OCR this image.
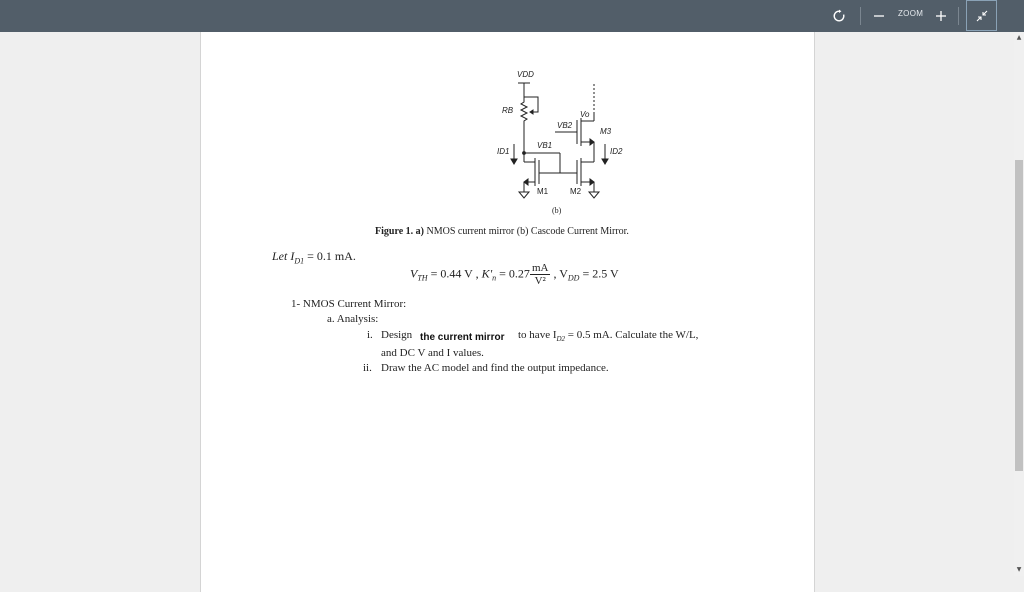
ZOOM
▲
▼
VDD
RB
ID1
VB1
M1	M2
VB2
Vo
M3
ID2
(b)
Figure 1. a) NMOS current mirror (b) Cascode Current Mirror.
Let $I_{D1} = 0.1$ mA.
$V_{TH} = 0.44$ V , $K'_n = 0.27 \frac{mA}{\text{V²}}$ , $V_{DD} = 2.5$ V
1- NMOS Current Mirror:
a. Analysis:
i. Design the current mirror to have $I_{D2} = 0.5$ mA. Calculate the W/L,
and DC V and I values.
ii. Draw the AC model and find the output impedance.
